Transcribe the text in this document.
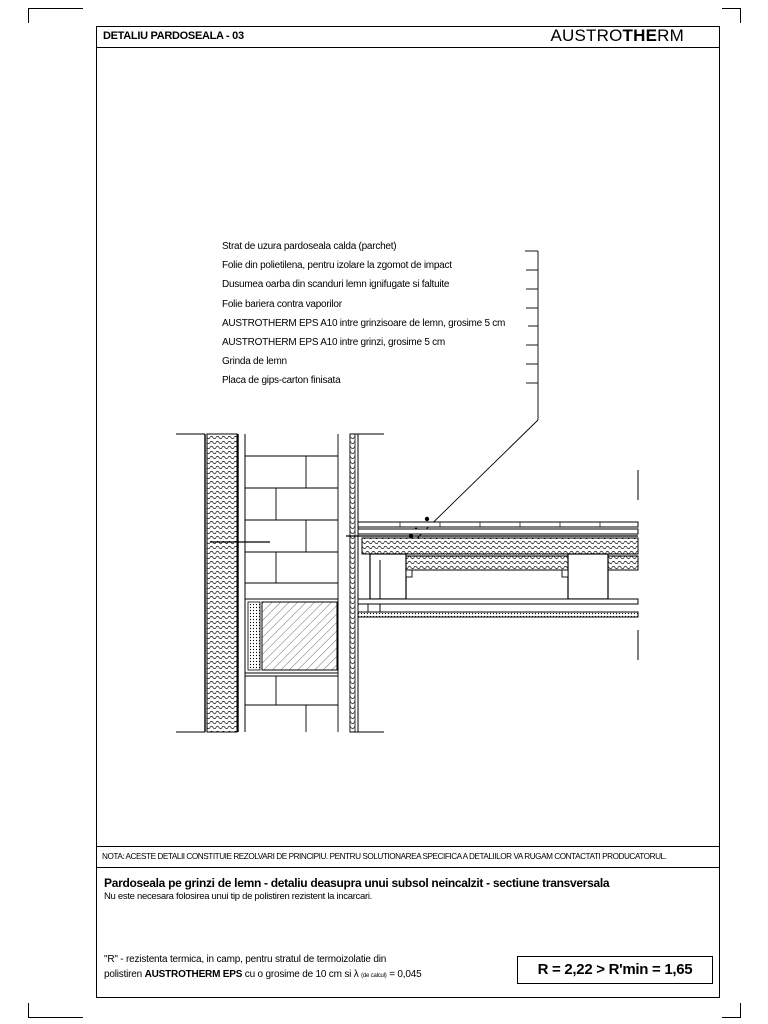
DETALIU PARDOSEALA - 03	AUSTROTHERM
Strat de uzura pardoseala calda (parchet)
Folie din polietilena, pentru izolare la zgomot de impact
Dusumea oarba din scanduri lemn ignifugate si faltuite
Folie bariera contra vaporilor
AUSTROTHERM EPS A10 intre grinzisoare de lemn, grosime 5 cm
AUSTROTHERM EPS A10 intre grinzi, grosime 5 cm
Grinda de lemn
Placa de gips-carton finisata
NOTA: ACESTE DETALII CONSTITUIE REZOLVARI DE PRINCIPIU. PENTRU SOLUTIONAREA SPECIFICA A DETALIILOR VA RUGAM CONTACTATI PRODUCATORUL.
Pardoseala pe grinzi de lemn - detaliu deasupra unui subsol neincalzit - sectiune transversala
Nu este necesara folosirea unui tip de polistiren rezistent la incarcari.
"R" - rezistenta termica, in camp, pentru stratul de termoizolatie din
polistiren AUSTROTHERM EPS cu o grosime de 10 cm si λ (de calcul) = 0,045	R = 2,22 > R'min = 1,65
